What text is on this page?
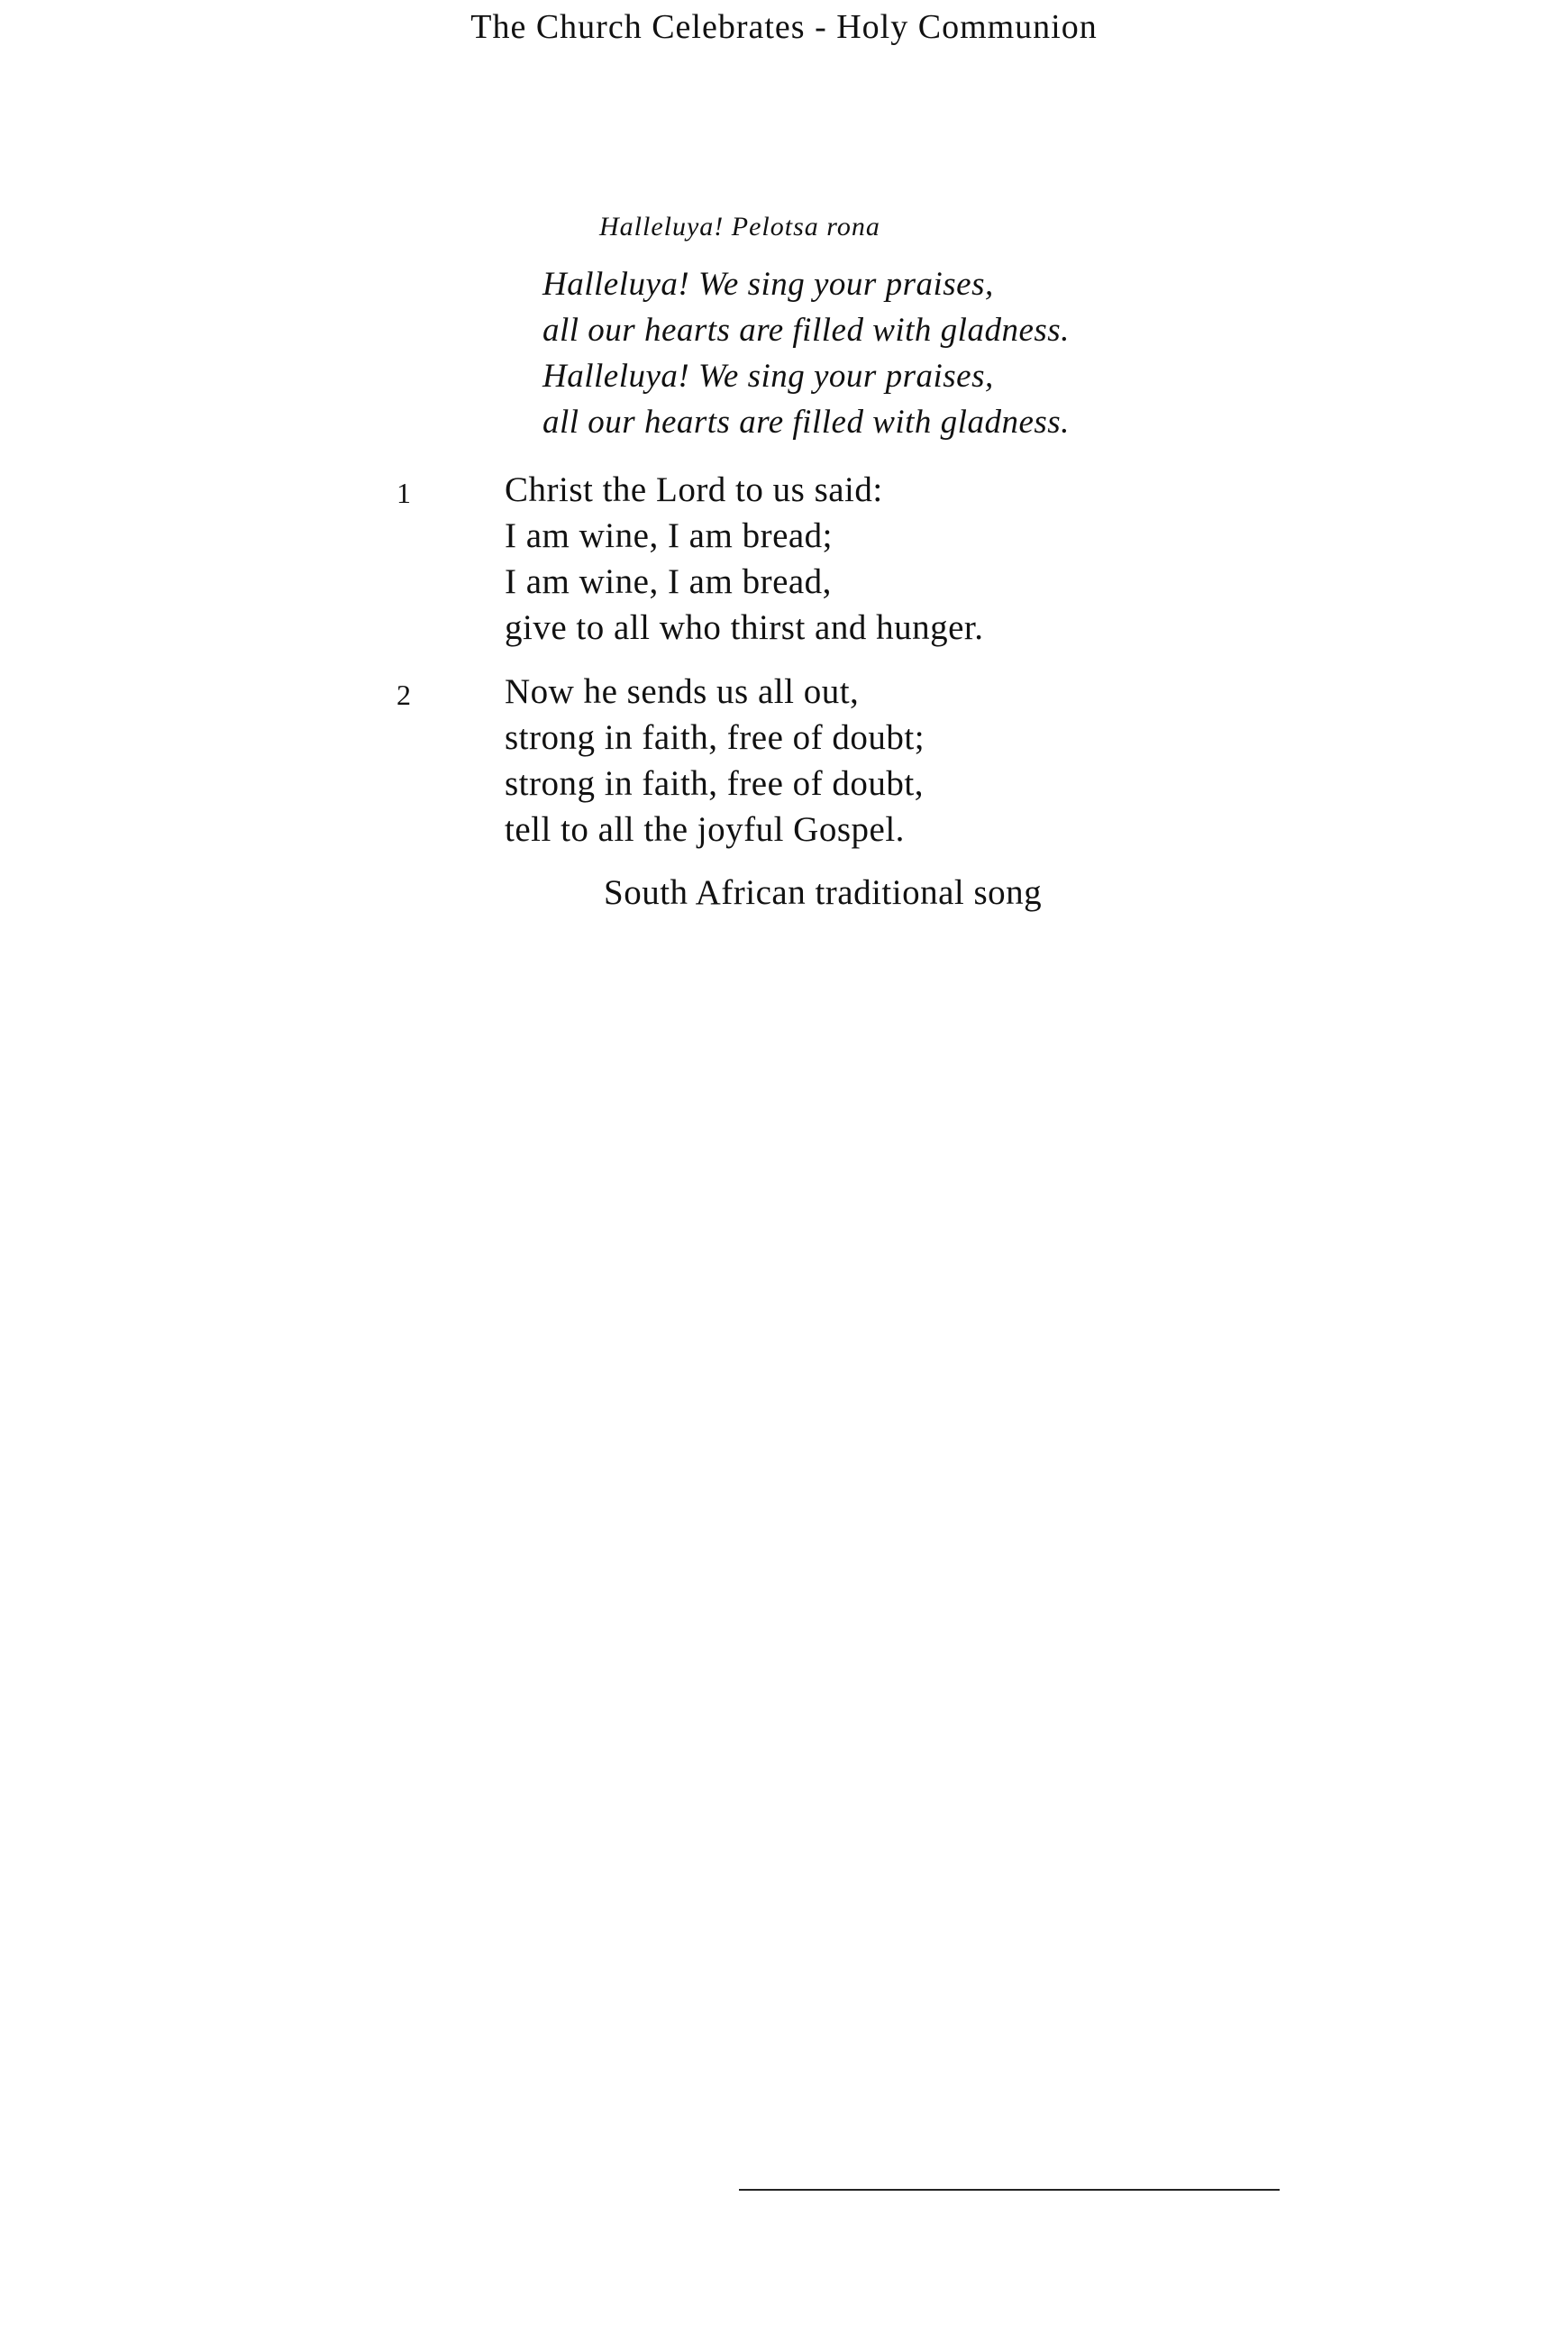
The Church Celebrates - Holy Communion
Halleluya! Pelotsa rona
Halleluya! We sing your praises,
all our hearts are filled with gladness.
Halleluya! We sing your praises,
all our hearts are filled with gladness.
1	Christ the Lord to us said:
I am wine, I am bread;
I am wine, I am bread,
give to all who thirst and hunger.
2	Now he sends us all out,
strong in faith, free of doubt;
strong in faith, free of doubt,
tell to all the joyful Gospel.
South African traditional song
